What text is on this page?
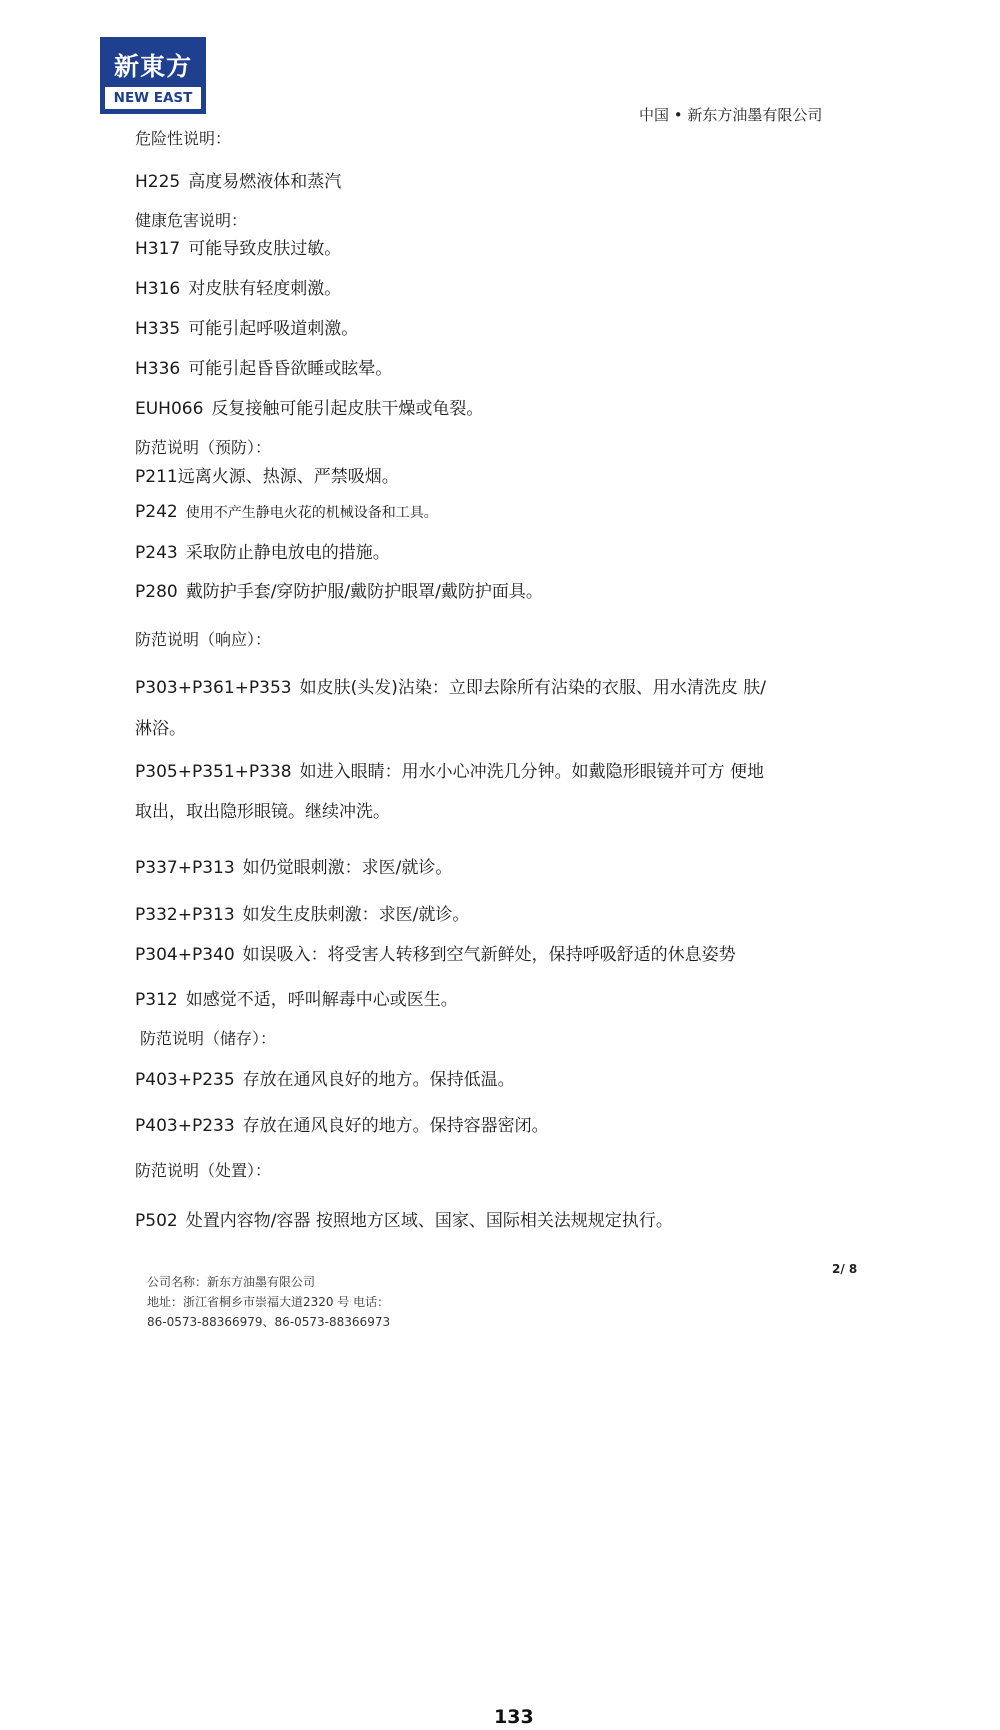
新東方
NEW EAST
中国 • 新东方油墨有限公司
危险性说明：
H225 高度易燃液体和蒸汽
健康危害说明：
H317 可能导致皮肤过敏。
H316 对皮肤有轻度刺激。
H335 可能引起呼吸道刺激。
H336 可能引起昏昏欲睡或眩晕。
EUH066 反复接触可能引起皮肤干燥或龟裂。
防范说明（预防）：
P211远离火源、热源、严禁吸烟。
P242 使用不产生静电火花的机械设备和工具。
P243 采取防止静电放电的措施。
P280 戴防护手套/穿防护服/戴防护眼罩/戴防护面具。
防范说明（响应）：
P303+P361+P353 如皮肤(头发)沾染：立即去除所有沾染的衣服、用水清洗皮 肤/
淋浴。
P305+P351+P338 如进入眼睛：用水小心冲洗几分钟。如戴隐形眼镜并可方 便地
取出，取出隐形眼镜。继续冲洗。
P337+P313 如仍觉眼刺激：求医/就诊。
P332+P313 如发生皮肤刺激：求医/就诊。
P304+P340 如误吸入：将受害人转移到空气新鲜处，保持呼吸舒适的休息姿势
P312 如感觉不适，呼叫解毒中心或医生。
防范说明（储存）：
P403+P235 存放在通风良好的地方。保持低温。
P403+P233 存放在通风良好的地方。保持容器密闭。
防范说明（处置）：
P502 处置内容物/容器 按照地方区域、国家、国际相关法规规定执行。
公司名称：新东方油墨有限公司
地址：浙江省桐乡市崇福大道2320 号 电话：
86-0573-88366979、86-0573-88366973
2/ 8
133
